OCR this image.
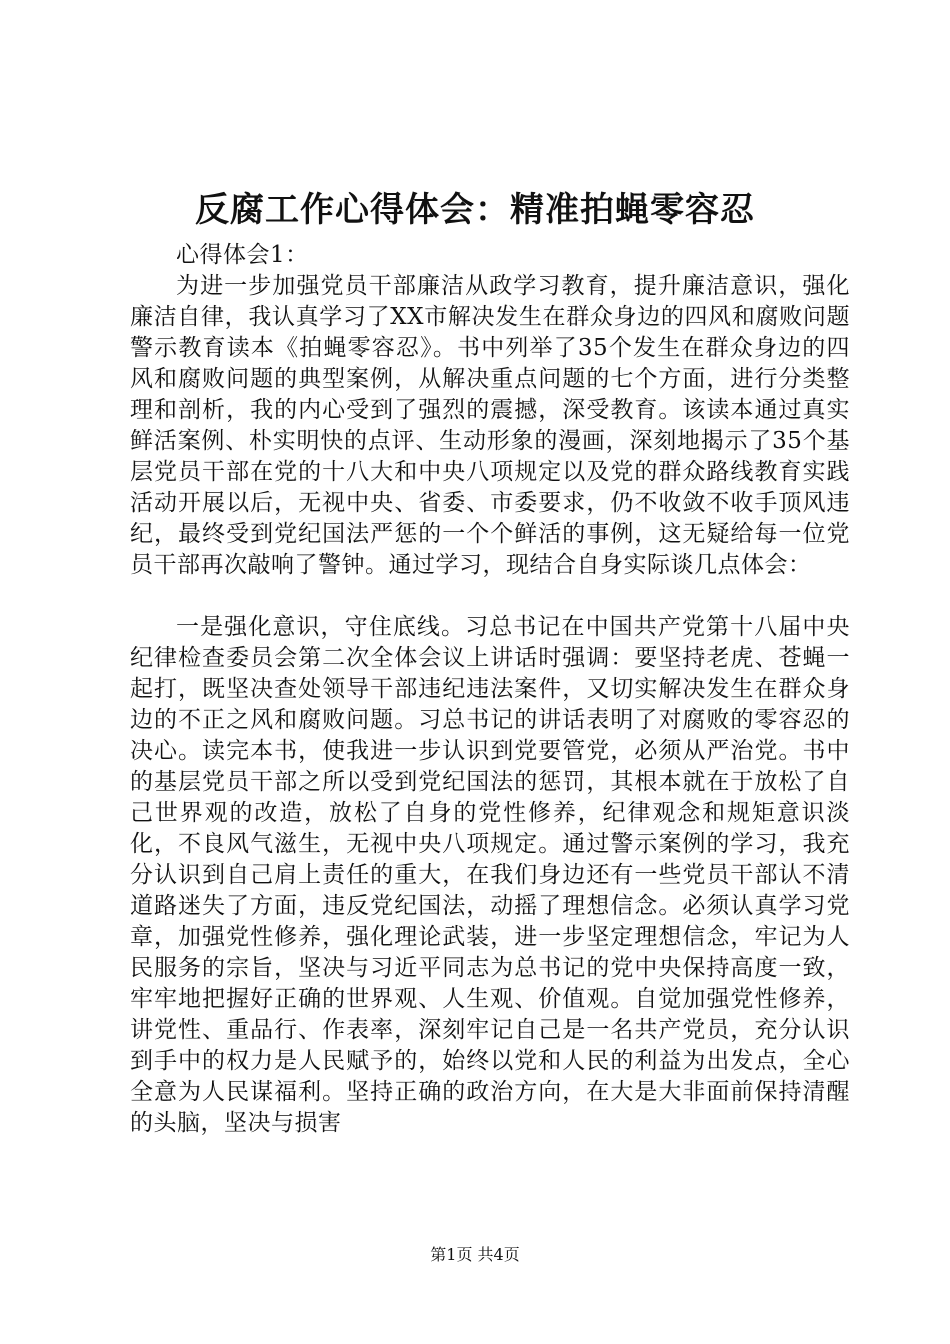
反腐工作心得体会：精准拍蝇零容忍

心得体会1：

为进一步加强党员干部廉洁从政学习教育，提升廉洁意识，强化廉洁自律，我认真学习了XX市解决发生在群众身边的四风和腐败问题警示教育读本《拍蝇零容忍》。书中列举了35个发生在群众身边的四风和腐败问题的典型案例，从解决重点问题的七个方面，进行分类整理和剖析，我的内心受到了强烈的震撼，深受教育。该读本通过真实鲜活案例、朴实明快的点评、生动形象的漫画，深刻地揭示了35个基层党员干部在党的十八大和中央八项规定以及党的群众路线教育实践活动开展以后，无视中央、省委、市委要求，仍不收敛不收手顶风违纪，最终受到党纪国法严惩的一个个鲜活的事例，这无疑给每一位党员干部再次敲响了警钟。通过学习，现结合自身实际谈几点体会：

一是强化意识，守住底线。习总书记在中国共产党第十八届中央纪律检查委员会第二次全体会议上讲话时强调：要坚持老虎、苍蝇一起打，既坚决查处领导干部违纪违法案件，又切实解决发生在群众身边的不正之风和腐败问题。习总书记的讲话表明了对腐败的零容忍的决心。读完本书，使我进一步认识到党要管党，必须从严治党。书中的基层党员干部之所以受到党纪国法的惩罚，其根本就在于放松了自己世界观的改造，放松了自身的党性修养，纪律观念和规矩意识淡化，不良风气滋生，无视中央八项规定。通过警示案例的学习，我充分认识到自己肩上责任的重大，在我们身边还有一些党员干部认不清道路迷失了方面，违反党纪国法，动摇了理想信念。必须认真学习党章，加强党性修养，强化理论武装，进一步坚定理想信念，牢记为人民服务的宗旨，坚决与习近平同志为总书记的党中央保持高度一致，牢牢地把握好正确的世界观、人生观、价值观。自觉加强党性修养，讲党性、重品行、作表率，深刻牢记自己是一名共产党员，充分认识到手中的权力是人民赋予的，始终以党和人民的利益为出发点，全心全意为人民谋福利。坚持正确的政治方向，在大是大非面前保持清醒的头脑，坚决与损害

第1页 共4页
